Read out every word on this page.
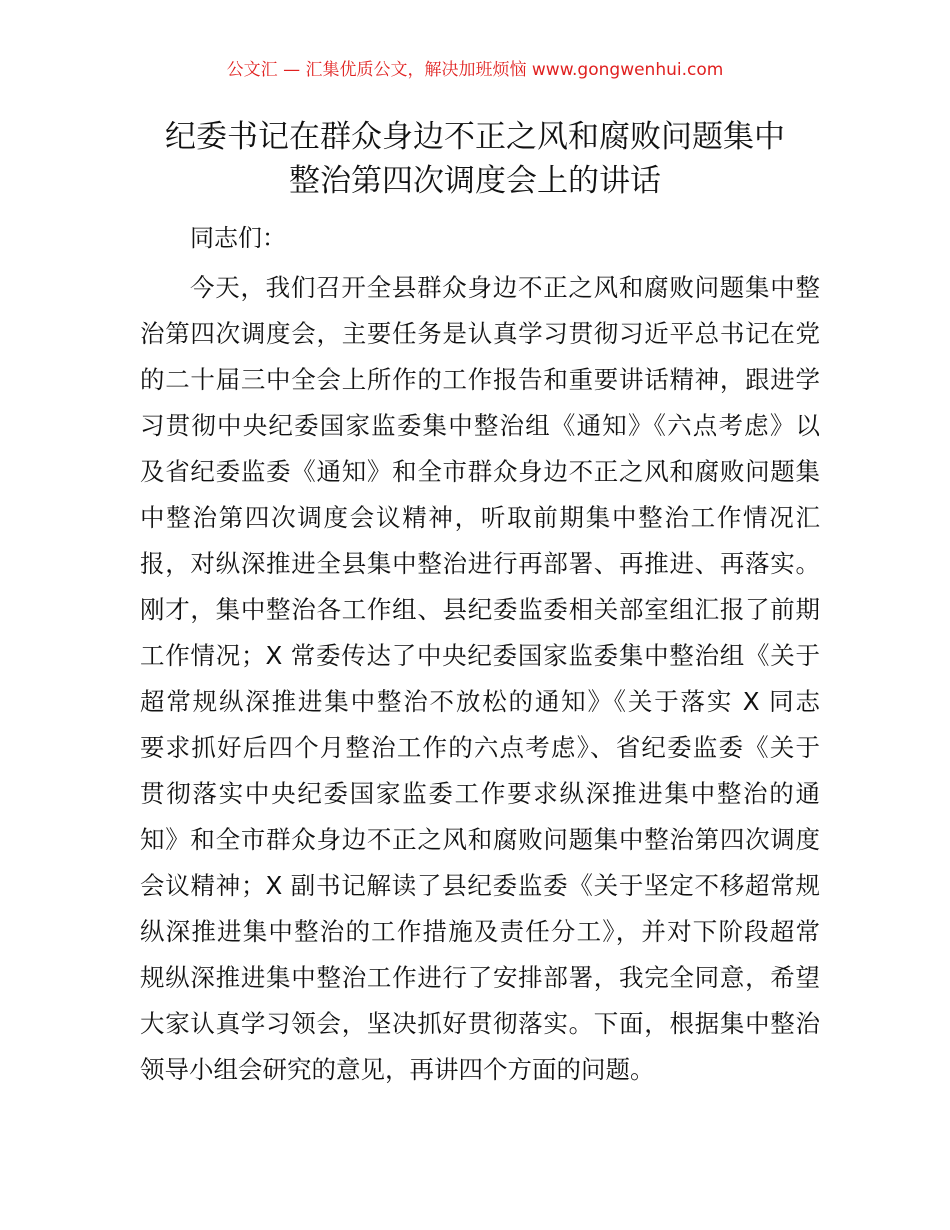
公文汇 — 汇集优质公文，解决加班烦恼 www.gongwenhui.com
纪委书记在群众身边不正之风和腐败问题集中
整治第四次调度会上的讲话
同志们：
今天，我们召开全县群众身边不正之风和腐败问题集中整
治第四次调度会，主要任务是认真学习贯彻习近平总书记在党
的二十届三中全会上所作的工作报告和重要讲话精神，跟进学
习贯彻中央纪委国家监委集中整治组《通知》《六点考虑》以
及省纪委监委《通知》和全市群众身边不正之风和腐败问题集
中整治第四次调度会议精神，听取前期集中整治工作情况汇
报，对纵深推进全县集中整治进行再部署、再推进、再落实。
刚才，集中整治各工作组、县纪委监委相关部室组汇报了前期
工作情况；X 常委传达了中央纪委国家监委集中整治组《关于
超常规纵深推进集中整治不放松的通知》《关于落实 X 同志
要求抓好后四个月整治工作的六点考虑》、省纪委监委《关于
贯彻落实中央纪委国家监委工作要求纵深推进集中整治的通
知》和全市群众身边不正之风和腐败问题集中整治第四次调度
会议精神；X 副书记解读了县纪委监委《关于坚定不移超常规
纵深推进集中整治的工作措施及责任分工》，并对下阶段超常
规纵深推进集中整治工作进行了安排部署，我完全同意，希望
大家认真学习领会，坚决抓好贯彻落实。下面，根据集中整治
领导小组会研究的意见，再讲四个方面的问题。
